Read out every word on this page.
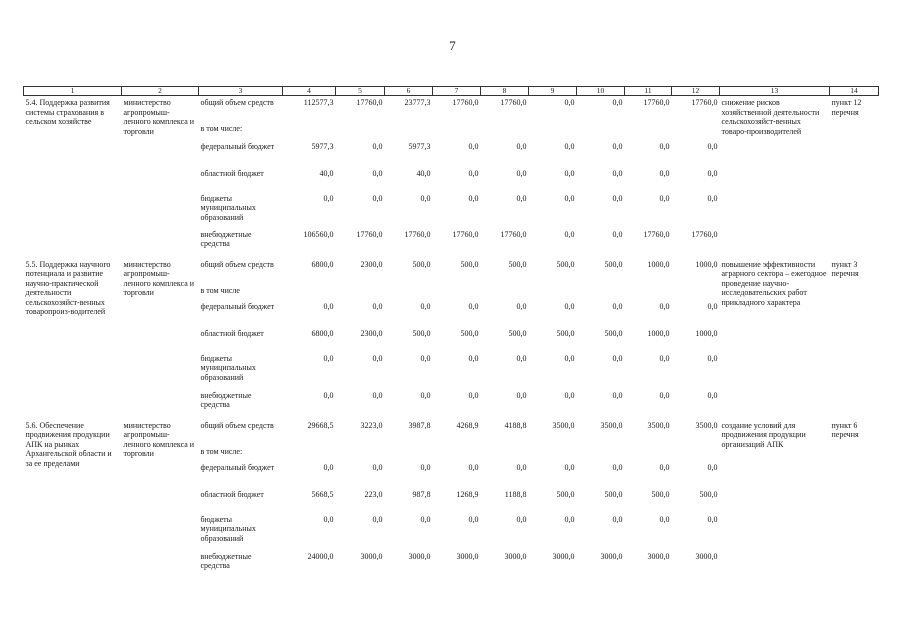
7
1	2	3	4	5	6	7	8	9	10	11	12	13	14
5.4. Поддержка развития системы страхования в сельском хозяйстве	министерство агропромыш-ленного комплекса и торговли	общий объем средств	112577,3	17760,0	23777,3	17760,0	17760,0	0,0	0,0	17760,0	17760,0	снижение рисков хозяйственной деятельности сельскохозяйст-венных товаро-производителей	пункт 12 перечня
		в том числе:											
		федеральный бюджет	5977,3	0,0	5977,3	0,0	0,0	0,0	0,0	0,0	0,0		
		областной бюджет	40,0	0,0	40,0	0,0	0,0	0,0	0,0	0,0	0,0		
		бюджеты муниципальных образований	0,0	0,0	0,0	0,0	0,0	0,0	0,0	0,0	0,0		
		внебюджетные средства	106560,0	17760,0	17760,0	17760,0	17760,0	0,0	0,0	17760,0	17760,0		
5.5. Поддержка научного потенциала и развитие научно-практической деятельности сельскохозяйст-венных товаропроиз-водителей	министерство агропромыш-ленного комплекса и торговли	общий объем средств	6800,0	2300,0	500,0	500,0	500,0	500,0	500,0	1000,0	1000,0	повышение эффективности аграрного сектора – ежегодное проведение научно-исследовательских работ прикладного характера	пункт 3 перечня
		в том числе											
		федеральный бюджет	0,0	0,0	0,0	0,0	0,0	0,0	0,0	0,0	0,0		
		областной бюджет	6800,0	2300,0	500,0	500,0	500,0	500,0	500,0	1000,0	1000,0		
		бюджеты муниципальных образований	0,0	0,0	0,0	0,0	0,0	0,0	0,0	0,0	0,0		
		внебюджетные средства	0,0	0,0	0,0	0,0	0,0	0,0	0,0	0,0	0,0		
5.6. Обеспечение продвижения продукции АПК на рынках Архангельской области и за ее пределами	министерство агропромыш-ленного комплекса и торговли	общий объем средств	29668,5	3223,0	3987,8	4268,9	4188,8	3500,0	3500,0	3500,0	3500,0	создание условий для продвижения продукции организаций АПК	пункт 6 перечня
		в том числе:											
		федеральный бюджет	0,0	0,0	0,0	0,0	0,0	0,0	0,0	0,0	0,0		
		областной бюджет	5668,5	223,0	987,8	1268,9	1188,8	500,0	500,0	500,0	500,0		
		бюджеты муниципальных образований	0,0	0,0	0,0	0,0	0,0	0,0	0,0	0,0	0,0		
		внебюджетные средства	24000,0	3000,0	3000,0	3000,0	3000,0	3000,0	3000,0	3000,0	3000,0		
